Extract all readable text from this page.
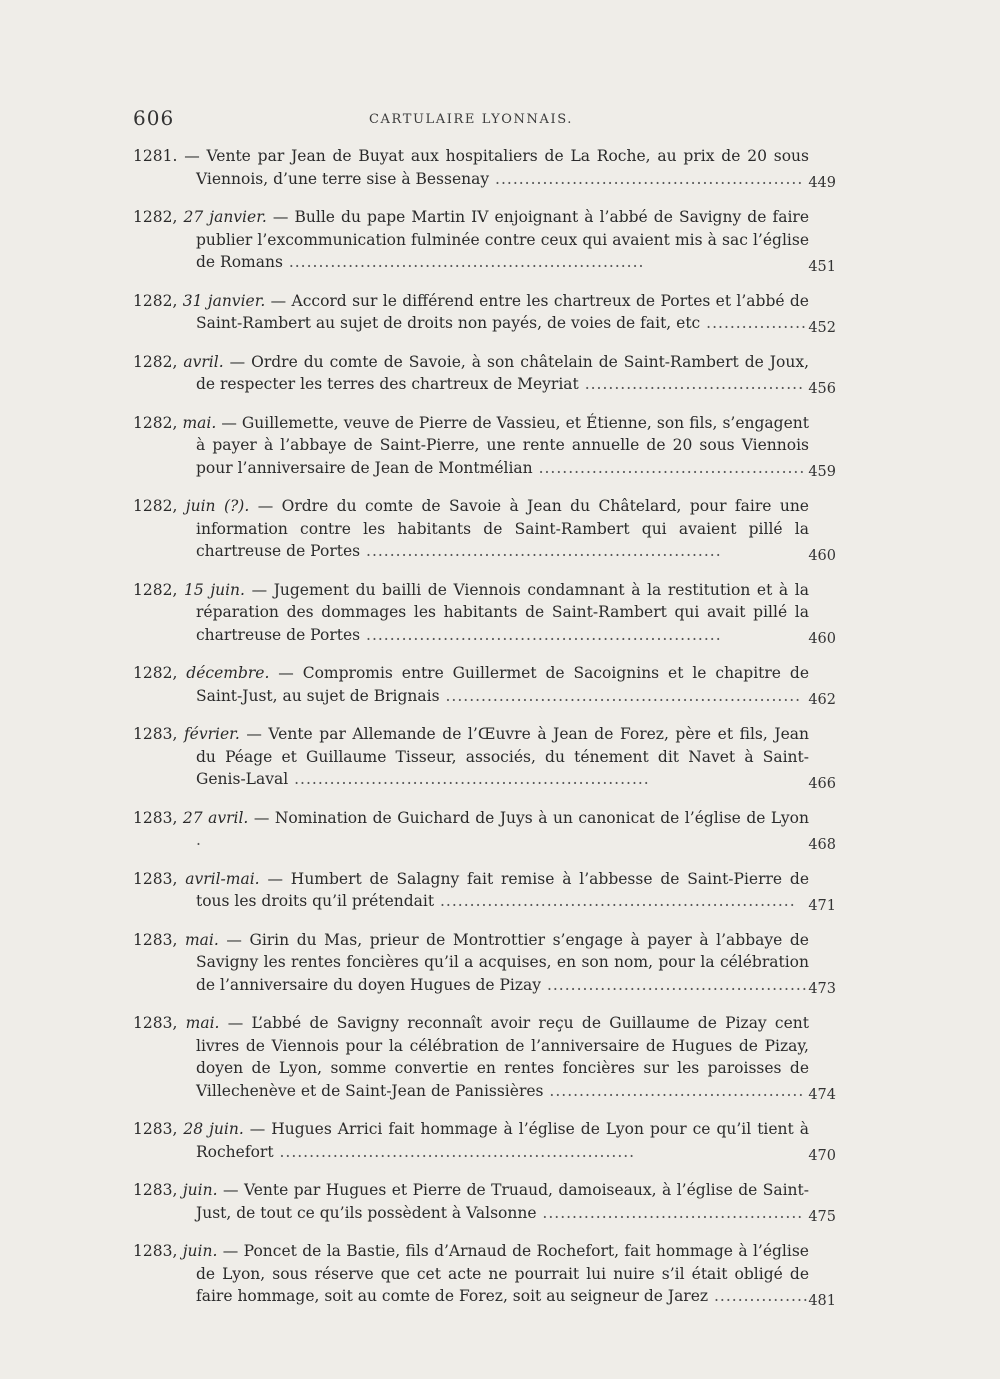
606	CARTULAIRE LYONNAIS.
1281. — Vente par Jean de Buyat aux hospitaliers de La Roche, au prix de 20 sous Viennois, d’une terre sise à Bessenay .................................................... 449
1282, 27 janvier. — Bulle du pape Martin IV enjoignant à l’abbé de Savigny de faire publier l’excommunication fulminée contre ceux qui avaient mis à sac l’église de Romans ............................................................	451
1282, 31 janvier. — Accord sur le différend entre les chartreux de Portes et l’abbé de Saint-Rambert au sujet de droits non payés, de voies de fait, etc ................. 452
1282, avril. — Ordre du comte de Savoie, à son châtelain de Saint-Rambert de Joux, de respecter les terres des chartreux de Meyriat ..................................... 456
1282, mai. — Guillemette, veuve de Pierre de Vassieu, et Étienne, son fils, s’engagent à payer à l’abbaye de Saint-Pierre, une rente annuelle de 20 sous Viennois pour l’anniversaire de Jean de Montmélian ............................................. 459
1282, juin (?). — Ordre du comte de Savoie à Jean du Châtelard, pour faire une information contre les habitants de Saint-Rambert qui avaient pillé la chartreuse de Portes ............................................................	460
1282, 15 juin. — Jugement du bailli de Viennois condamnant à la restitution et à la réparation des dommages les habitants de Saint-Rambert qui avait pillé la chartreuse de Portes ............................................................	460
1282, décembre. — Compromis entre Guillermet de Sacoignins et le chapitre de Saint-Just, au sujet de Brignais ............................................................ 462
1283, février. — Vente par Allemande de l’Œuvre à Jean de Forez, père et fils, Jean du Péage et Guillaume Tisseur, associés, du ténement dit Navet à Saint-Genis-Laval ............................................................	466
1283, 27 avril. — Nomination de Guichard de Juys à un canonicat de l’église de Lyon .	468
1283, avril-mai. — Humbert de Salagny fait remise à l’abbesse de Saint-Pierre de tous les droits qu’il prétendait ............................................................ 471
1283, mai. — Girin du Mas, prieur de Montrottier s’engage à payer à l’abbaye de Savigny les rentes foncières qu’il a acquises, en son nom, pour la célébration de l’anniversaire du doyen Hugues de Pizay ............................................ 473
1283, mai. — L’abbé de Savigny reconnaît avoir reçu de Guillaume de Pizay cent livres de Viennois pour la célébration de l’anniversaire de Hugues de Pizay, doyen de Lyon, somme convertie en rentes foncières sur les paroisses de Villechenève et de Saint-Jean de Panissières ........................................... 474
1283, 28 juin. — Hugues Arrici fait hommage à l’église de Lyon pour ce qu’il tient à Rochefort ............................................................	470
1283, juin. — Vente par Hugues et Pierre de Truaud, damoiseaux, à l’église de Saint-Just, de tout ce qu’ils possèdent à Valsonne ............................................ 475
1283, juin. — Poncet de la Bastie, fils d’Arnaud de Rochefort, fait hommage à l’église de Lyon, sous réserve que cet acte ne pourrait lui nuire s’il était obligé de faire hommage, soit au comte de Forez, soit au seigneur de Jarez ................ 481
